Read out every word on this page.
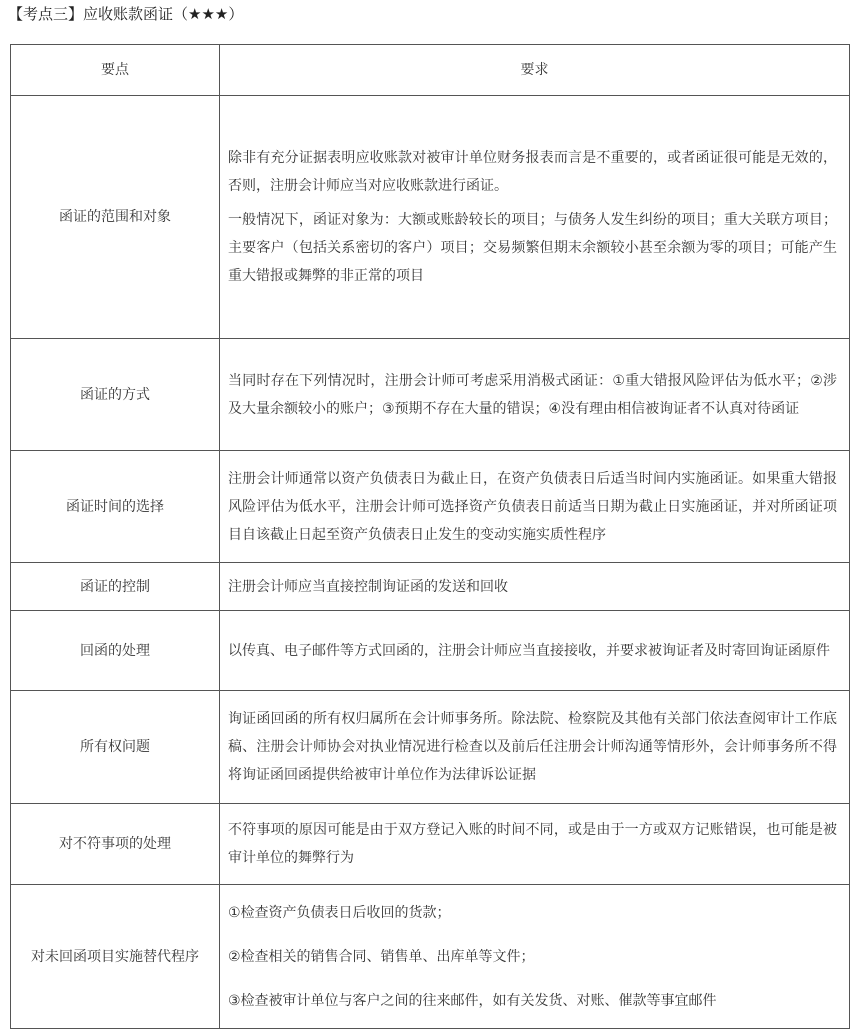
【考点三】应收账款函证（★★★）
要点	要求
函证的范围和对象	除非有充分证据表明应收账款对被审计单位财务报表而言是不重要的，或者函证很可能是无效的，否则，注册会计师应当对应收账款进行函证。

一般情况下，函证对象为：大额或账龄较长的项目；与债务人发生纠纷的项目；重大关联方项目；主要客户（包括关系密切的客户）项目；交易频繁但期末余额较小甚至余额为零的项目；可能产生重大错报或舞弊的非正常的项目

函证的方式	当同时存在下列情况时，注册会计师可考虑采用消极式函证：①重大错报风险评估为低水平；②涉及大量余额较小的账户；③预期不存在大量的错误；④没有理由相信被询证者不认真对待函证

函证时间的选择	注册会计师通常以资产负债表日为截止日，在资产负债表日后适当时间内实施函证。如果重大错报风险评估为低水平，注册会计师可选择资产负债表日前适当日期为截止日实施函证，并对所函证项目自该截止日起至资产负债表日止发生的变动实施实质性程序

函证的控制	注册会计师应当直接控制询证函的发送和回收

回函的处理	以传真、电子邮件等方式回函的，注册会计师应当直接接收，并要求被询证者及时寄回询证函原件

所有权问题	询证函回函的所有权归属所在会计师事务所。除法院、检察院及其他有关部门依法查阅审计工作底稿、注册会计师协会对执业情况进行检查以及前后任注册会计师沟通等情形外，会计师事务所不得将询证函回函提供给被审计单位作为法律诉讼证据

对不符事项的处理	不符事项的原因可能是由于双方登记入账的时间不同，或是由于一方或双方记账错误，也可能是被审计单位的舞弊行为

对未回函项目实施替代程序	①检查资产负债表日后收回的货款；

②检查相关的销售合同、销售单、出库单等文件；

③检查被审计单位与客户之间的往来邮件，如有关发货、对账、催款等事宜邮件
